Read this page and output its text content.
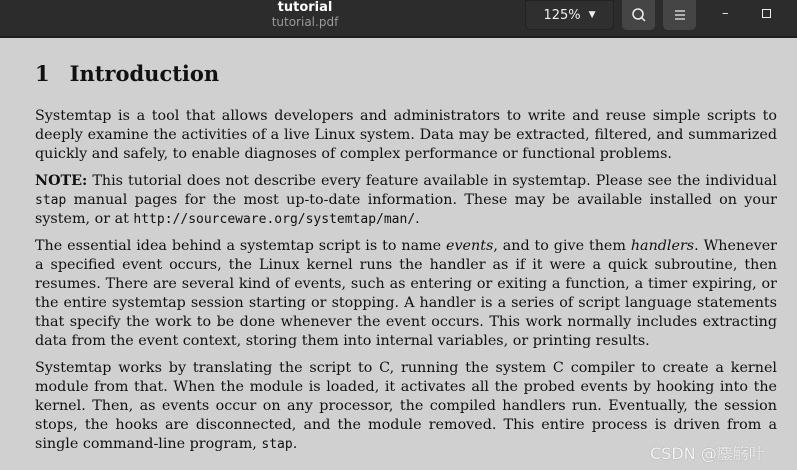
tutorial
tutorial.pdf	125% ▼	–
1 Introduction

Systemtap is a tool that allows developers and administrators to write and reuse simple scripts to deeply examine the activities of a live Linux system. Data may be extracted, filtered, and summarized quickly and safely, to enable diagnoses of complex performance or functional problems.

NOTE: This tutorial does not describe every feature available in systemtap. Please see the individual stap manual pages for the most up-to-date information. These may be available installed on your system, or at http://sourceware.org/systemtap/man/.

The essential idea behind a systemtap script is to name events, and to give them handlers. Whenever a specified event occurs, the Linux kernel runs the handler as if it were a quick subroutine, then resumes. There are several kind of events, such as entering or exiting a function, a timer expiring, or the entire systemtap session starting or stopping. A handler is a series of script language statements that specify the work to be done whenever the event occurs. This work normally includes extracting data from the event context, storing them into internal variables, or printing results.

Systemtap works by translating the script to C, running the system C compiler to create a kernel module from that. When the module is loaded, it activates all the probed events by hooking into the kernel. Then, as events occur on any processor, the compiled handlers run. Eventually, the session stops, the hooks are disconnected, and the module removed. This entire process is driven from a single command-line program, stap.	CSDN @鏖觞叶
